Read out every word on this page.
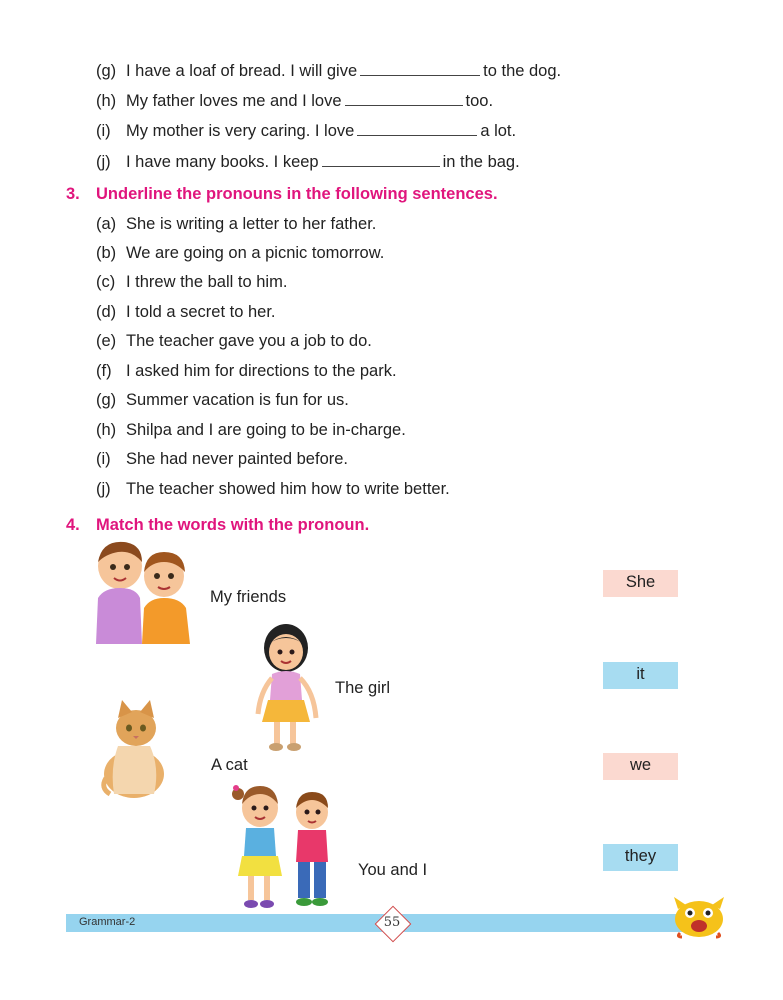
(g) I have a loaf of bread. I will give	to the dog.
(h) My father loves me and I love	too.
(i) My mother is very caring. I love	a lot.
(j) I have many books. I keep	in the bag.
3. Underline the pronouns in the following sentences.
(a) She is writing a letter to her father.
(b) We are going on a picnic tomorrow.
(c) I threw the ball to him.
(d) I told a secret to her.
(e) The teacher gave you a job to do.
(f) I asked him for directions to the park.
(g) Summer vacation is fun for us.
(h) Shilpa and I are going to be in-charge.
(i) She had never painted before.
(j) The teacher showed him how to write better.
4. Match the words with the pronoun.
My friends
The girl
A cat
You and I
She
it
we
they
Grammar-2	55
